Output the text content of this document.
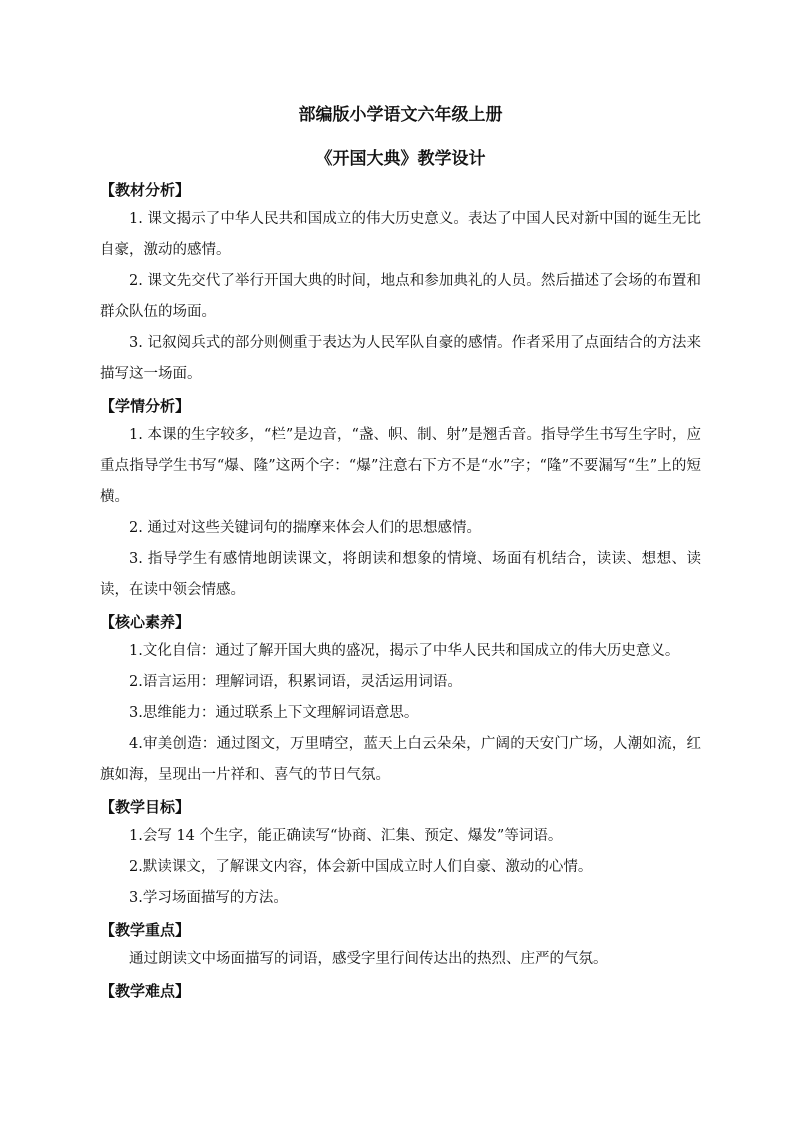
部编版小学语文六年级上册

《开国大典》教学设计

【教材分析】

1. 课文揭示了中华人民共和国成立的伟大历史意义。表达了中国人民对新中国的诞生无比自豪，激动的感情。

2. 课文先交代了举行开国大典的时间，地点和参加典礼的人员。然后描述了会场的布置和群众队伍的场面。

3. 记叙阅兵式的部分则侧重于表达为人民军队自豪的感情。作者采用了点面结合的方法来描写这一场面。

【学情分析】

1. 本课的生字较多，“栏”是边音，“盏、帜、制、射”是翘舌音。指导学生书写生字时，应重点指导学生书写“爆、隆”这两个字：“爆”注意右下方不是“水”字；“隆”不要漏写“生”上的短横。

2. 通过对这些关键词句的揣摩来体会人们的思想感情。

3. 指导学生有感情地朗读课文，将朗读和想象的情境、场面有机结合，读读、想想、读读，在读中领会情感。

【核心素养】

1.文化自信：通过了解开国大典的盛况，揭示了中华人民共和国成立的伟大历史意义。

2.语言运用：理解词语，积累词语，灵活运用词语。

3.思维能力：通过联系上下文理解词语意思。

4.审美创造：通过图文，万里晴空，蓝天上白云朵朵，广阔的天安门广场，人潮如流，红旗如海，呈现出一片祥和、喜气的节日气氛。

【教学目标】

1.会写 14 个生字，能正确读写“协商、汇集、预定、爆发”等词语。

2.默读课文，了解课文内容，体会新中国成立时人们自豪、激动的心情。

3.学习场面描写的方法。

【教学重点】

通过朗读文中场面描写的词语，感受字里行间传达出的热烈、庄严的气氛。

【教学难点】
